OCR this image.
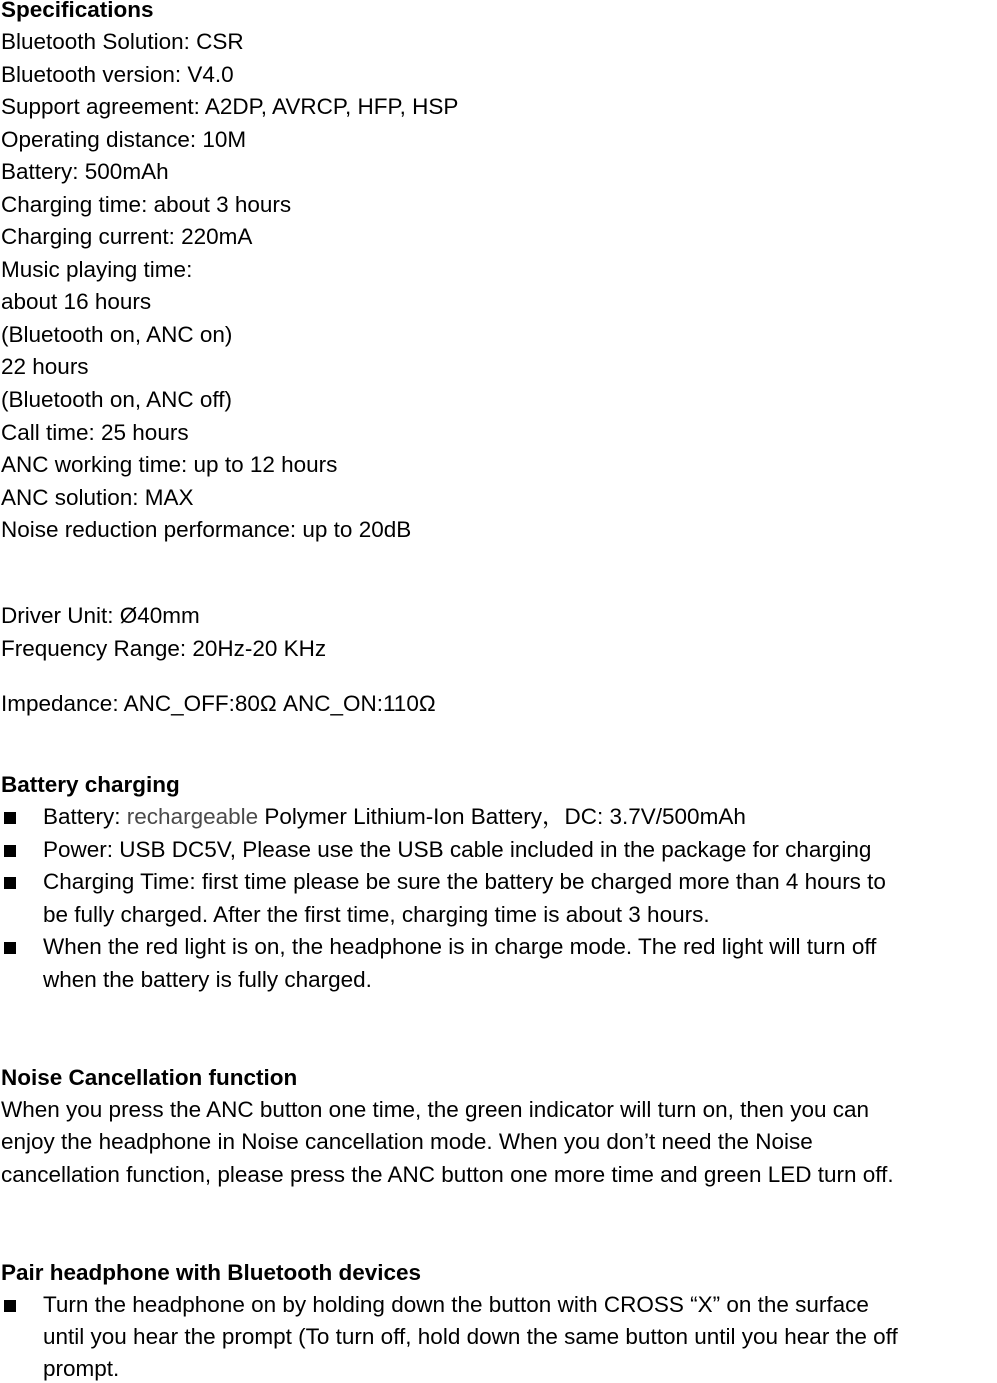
Specifications
Bluetooth Solution: CSR
Bluetooth version: V4.0
Support agreement: A2DP, AVRCP, HFP, HSP
Operating distance: 10M
Battery: 500mAh
Charging time: about 3 hours
Charging current: 220mA
Music playing time:
about 16 hours
(Bluetooth on, ANC on)
22 hours
(Bluetooth on, ANC off)
Call time: 25 hours
ANC working time: up to 12 hours
ANC solution: MAX
Noise reduction performance: up to 20dB
Driver Unit: Ø40mm
Frequency Range: 20Hz-20 KHz
Impedance: ANC_OFF:80Ω ANC_ON:110Ω
Battery charging
Battery: rechargeable Polymer Lithium-Ion Battery，DC: 3.7V/500mAh
Power: USB DC5V, Please use the USB cable included in the package for charging
Charging Time: first time please be sure the battery be charged more than 4 hours to
be fully charged. After the first time, charging time is about 3 hours.
When the red light is on, the headphone is in charge mode. The red light will turn off
when the battery is fully charged.
Noise Cancellation function
When you press the ANC button one time, the green indicator will turn on, then you can
enjoy the headphone in Noise cancellation mode. When you don’t need the Noise
cancellation function, please press the ANC button one more time and green LED turn off.
Pair headphone with Bluetooth devices
Turn the headphone on by holding down the button with CROSS “X” on the surface
until you hear the prompt (To turn off, hold down the same button until you hear the off
prompt.
